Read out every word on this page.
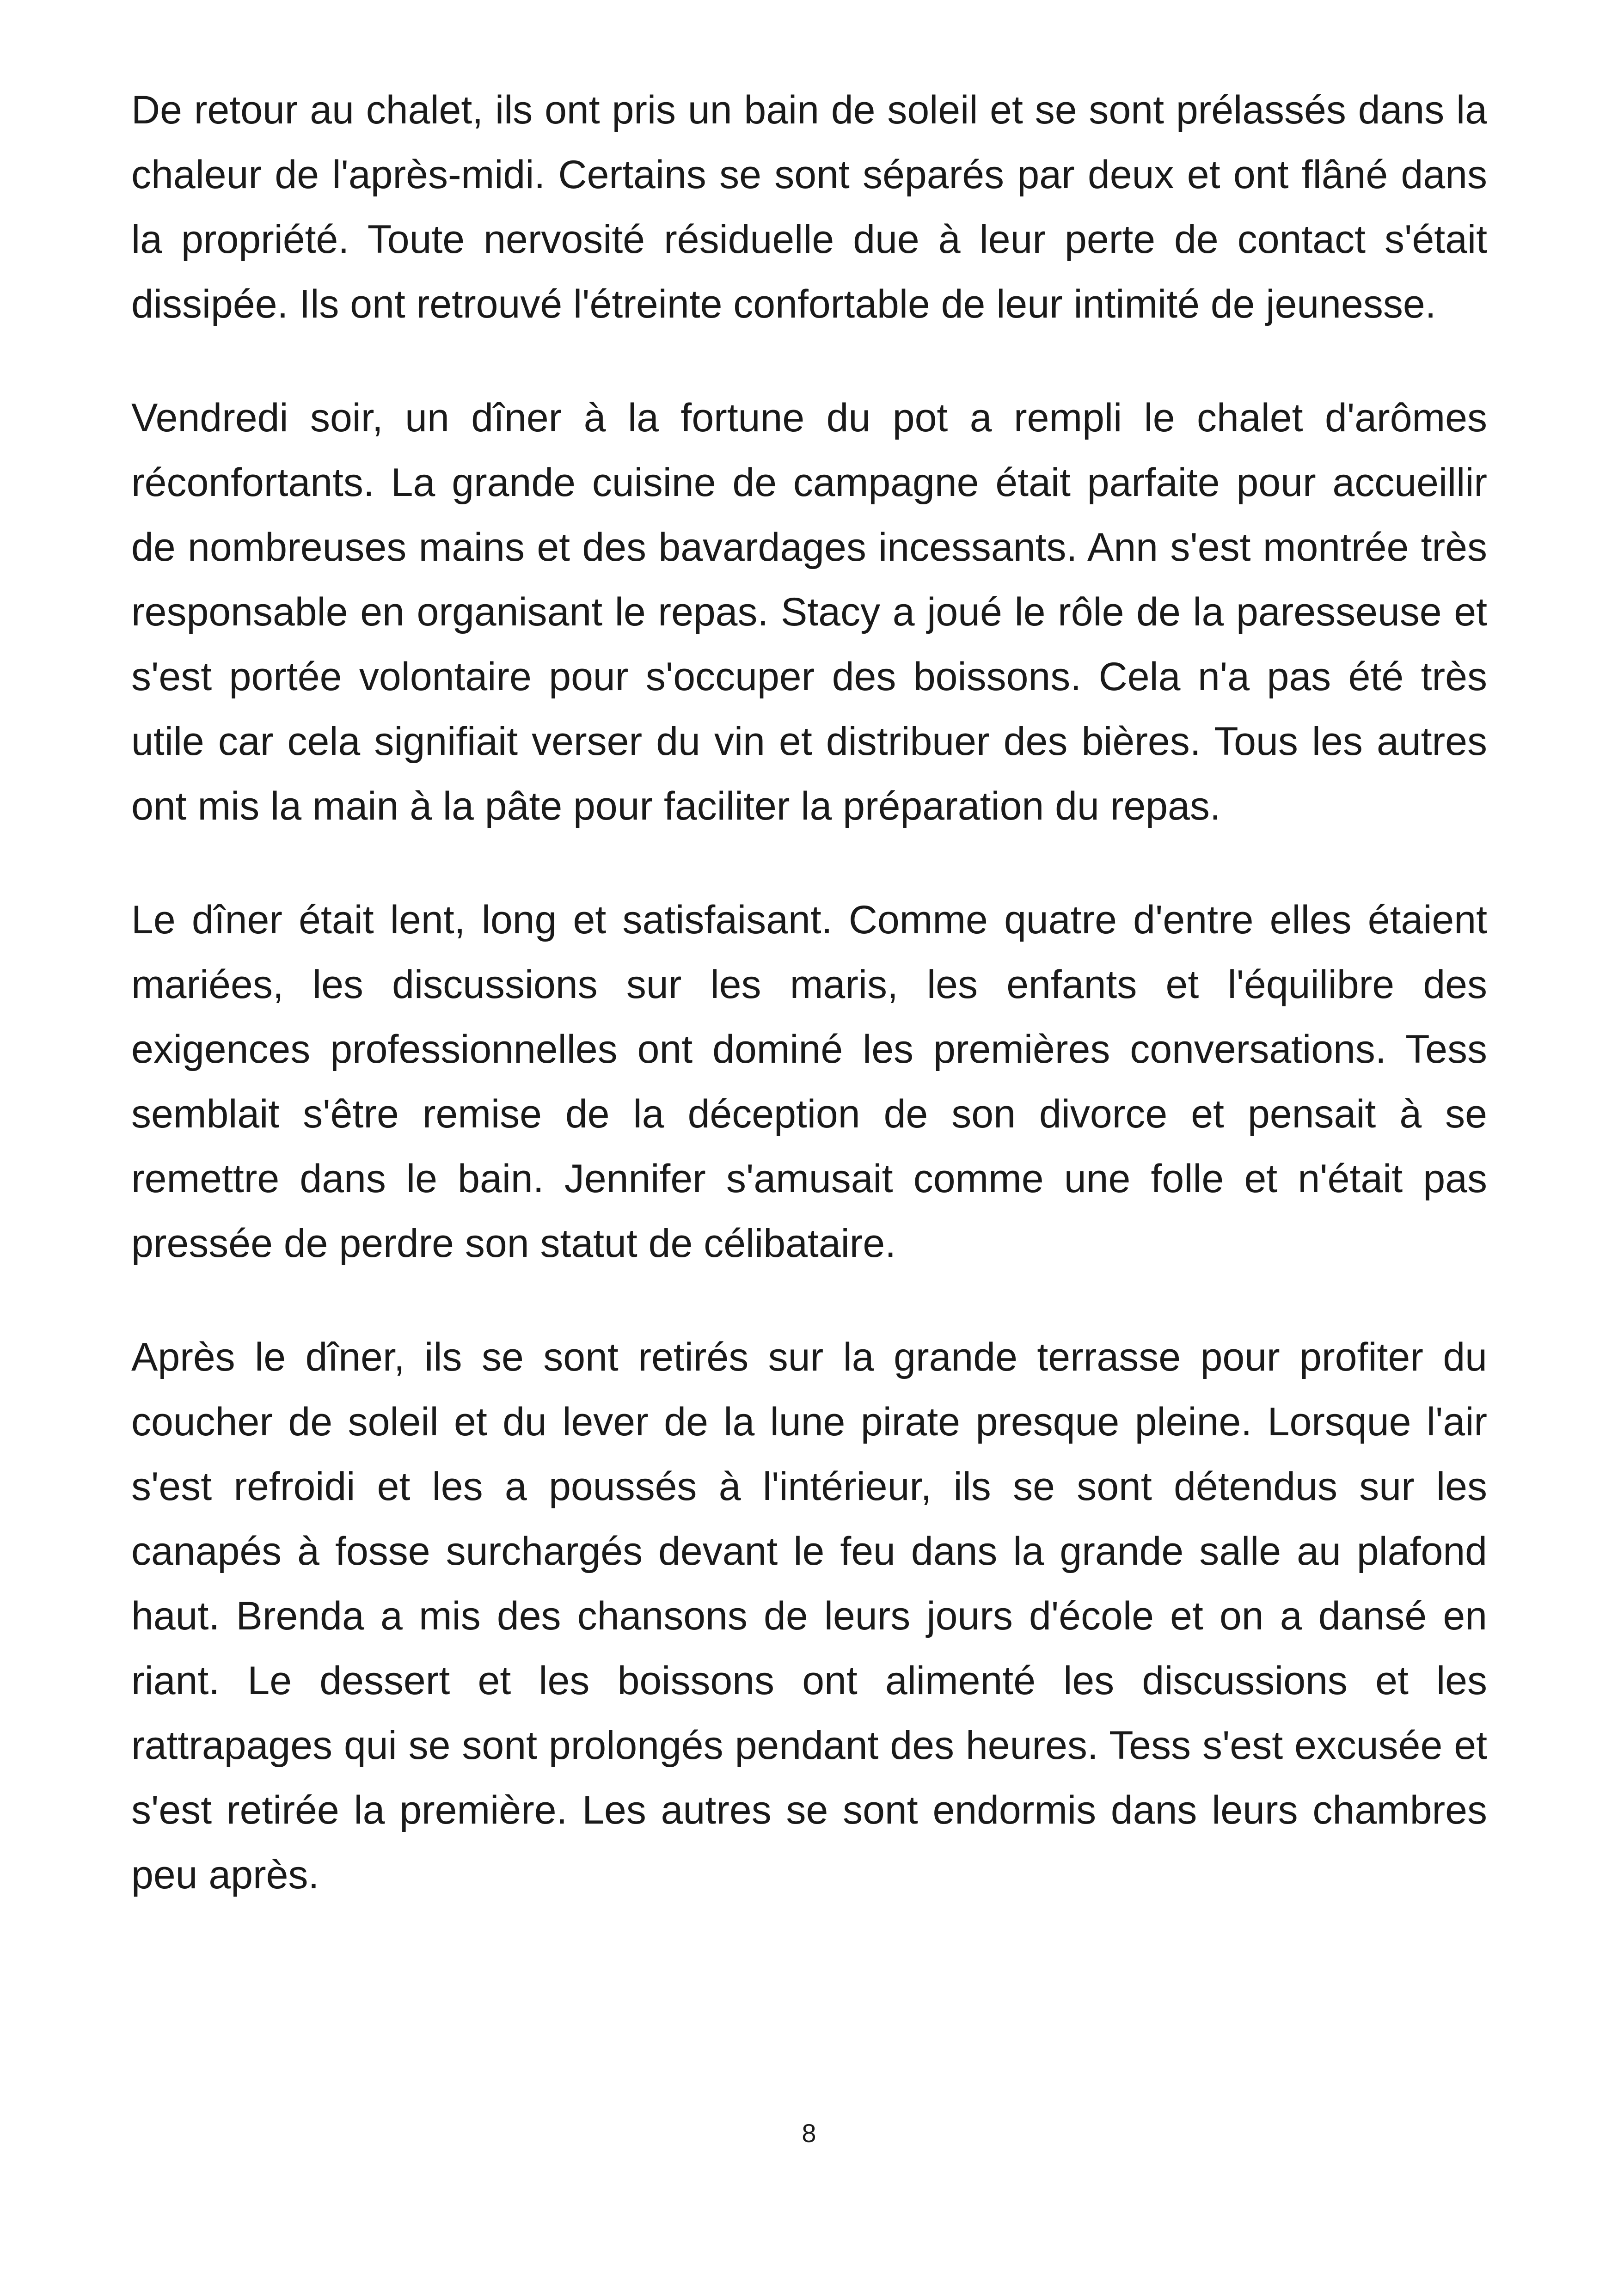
De retour au chalet, ils ont pris un bain de soleil et se sont prélassés dans la chaleur de l'après-midi. Certains se sont séparés par deux et ont flâné dans la propriété. Toute nervosité résiduelle due à leur perte de contact s'était dissipée. Ils ont retrouvé l'étreinte confortable de leur intimité de jeunesse.

Vendredi soir, un dîner à la fortune du pot a rempli le chalet d'arômes réconfortants. La grande cuisine de campagne était parfaite pour accueillir de nombreuses mains et des bavardages incessants. Ann s'est montrée très responsable en organisant le repas. Stacy a joué le rôle de la paresseuse et s'est portée volontaire pour s'occuper des boissons. Cela n'a pas été très utile car cela signifiait verser du vin et distribuer des bières. Tous les autres ont mis la main à la pâte pour faciliter la préparation du repas.

Le dîner était lent, long et satisfaisant. Comme quatre d'entre elles étaient mariées, les discussions sur les maris, les enfants et l'équilibre des exigences professionnelles ont dominé les premières conversations. Tess semblait s'être remise de la déception de son divorce et pensait à se remettre dans le bain. Jennifer s'amusait comme une folle et n'était pas pressée de perdre son statut de célibataire.

Après le dîner, ils se sont retirés sur la grande terrasse pour profiter du coucher de soleil et du lever de la lune pirate presque pleine. Lorsque l'air s'est refroidi et les a poussés à l'intérieur, ils se sont détendus sur les canapés à fosse surchargés devant le feu dans la grande salle au plafond haut. Brenda a mis des chansons de leurs jours d'école et on a dansé en riant. Le dessert et les boissons ont alimenté les discussions et les rattrapages qui se sont prolongés pendant des heures. Tess s'est excusée et s'est retirée la première. Les autres se sont endormis dans leurs chambres peu après.

8
